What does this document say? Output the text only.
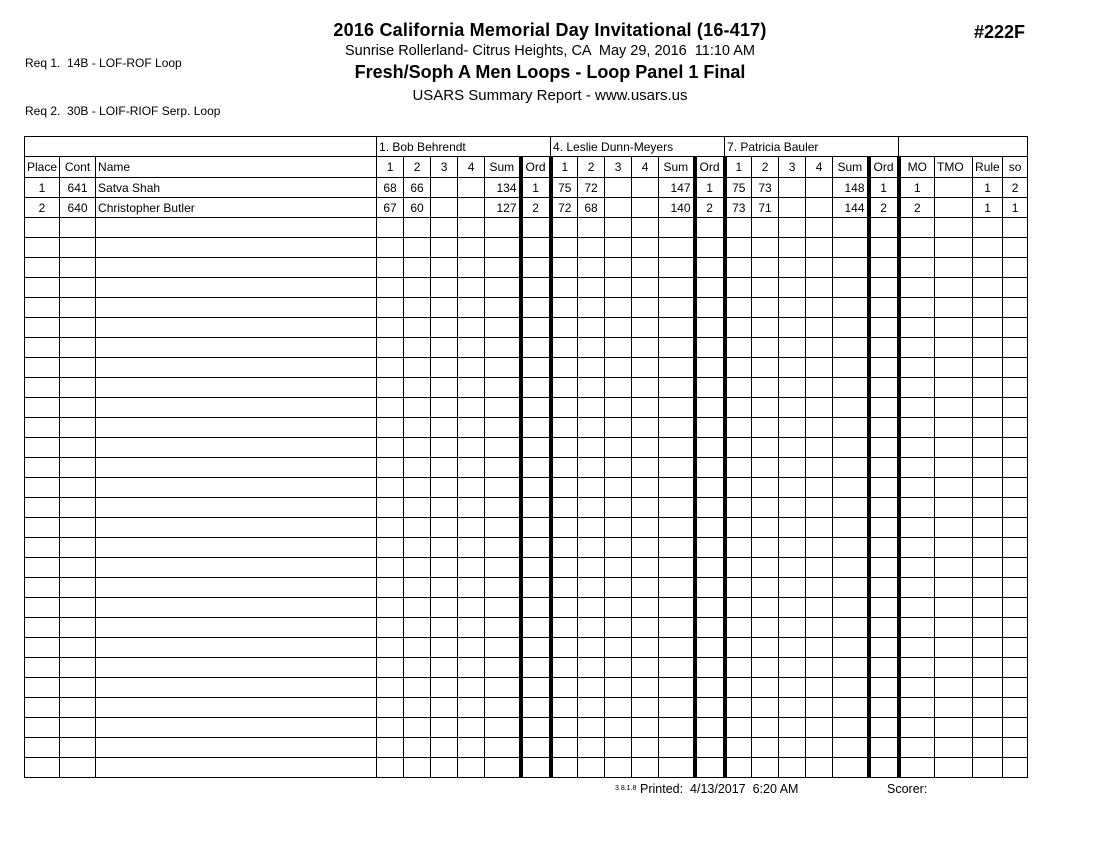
Req 1.  14B - LOF-ROF Loop

Req 2.  30B - LOIF-RIOF Serp. Loop

2016 California Memorial Day Invitational (16-417)
Sunrise Rollerland- Citrus Heights, CA  May 29, 2016  11:10 AM
Fresh/Soph A Men Loops - Loop Panel 1 Final
USARS Summary Report - www.usars.us
#222F
			1. Bob Behrendt						4. Leslie Dunn-Meyers						7. Patricia Bauler									
Place	Cont	Name	1	2	3	4	Sum	Ord	1	2	3	4	Sum	Ord	1	2	3	4	Sum	Ord	MO	TMO	Rule	so
1	641	Satva Shah	68	66			134	1	75	72			147	1	75	73			148	1	1		1	2
2	640	Christopher Butler	67	60			127	2	72	68			140	2	73	71			144	2	2		1	1

3.8.1.8 Printed:  4/13/2017  6:20 AM	Scorer:
